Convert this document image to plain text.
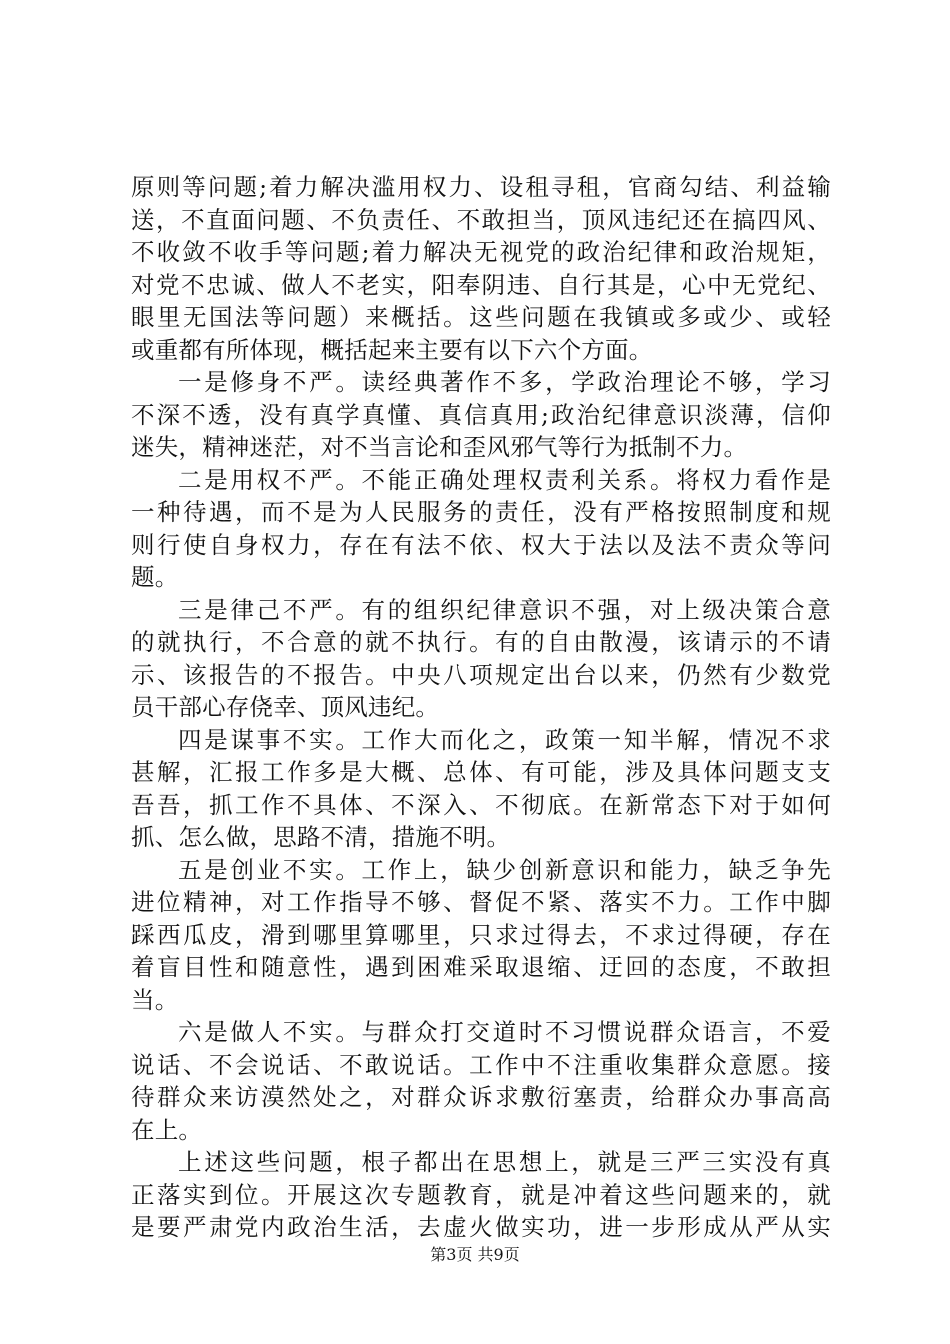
原则等问题;着力解决滥用权力、设租寻租，官商勾结、利益输
送，不直面问题、不负责任、不敢担当，顶风违纪还在搞四风、
不收敛不收手等问题;着力解决无视党的政治纪律和政治规矩，
对党不忠诚、做人不老实，阳奉阴违、自行其是，心中无党纪、
眼里无国法等问题）来概括。这些问题在我镇或多或少、或轻
或重都有所体现，概括起来主要有以下六个方面。
一是修身不严。读经典著作不多，学政治理论不够，学习
不深不透，没有真学真懂、真信真用;政治纪律意识淡薄，信仰
迷失，精神迷茫，对不当言论和歪风邪气等行为抵制不力。
二是用权不严。不能正确处理权责利关系。将权力看作是
一种待遇，而不是为人民服务的责任，没有严格按照制度和规
则行使自身权力，存在有法不依、权大于法以及法不责众等问
题。
三是律己不严。有的组织纪律意识不强，对上级决策合意
的就执行，不合意的就不执行。有的自由散漫，该请示的不请
示、该报告的不报告。中央八项规定出台以来，仍然有少数党
员干部心存侥幸、顶风违纪。
四是谋事不实。工作大而化之，政策一知半解，情况不求
甚解，汇报工作多是大概、总体、有可能，涉及具体问题支支
吾吾，抓工作不具体、不深入、不彻底。在新常态下对于如何
抓、怎么做，思路不清，措施不明。
五是创业不实。工作上，缺少创新意识和能力，缺乏争先
进位精神，对工作指导不够、督促不紧、落实不力。工作中脚
踩西瓜皮，滑到哪里算哪里，只求过得去，不求过得硬，存在
着盲目性和随意性，遇到困难采取退缩、迂回的态度，不敢担
当。
六是做人不实。与群众打交道时不习惯说群众语言，不爱
说话、不会说话、不敢说话。工作中不注重收集群众意愿。接
待群众来访漠然处之，对群众诉求敷衍塞责，给群众办事高高
在上。
上述这些问题，根子都出在思想上，就是三严三实没有真
正落实到位。开展这次专题教育，就是冲着这些问题来的，就
是要严肃党内政治生活，去虚火做实功，进一步形成从严从实
第3页 共9页
